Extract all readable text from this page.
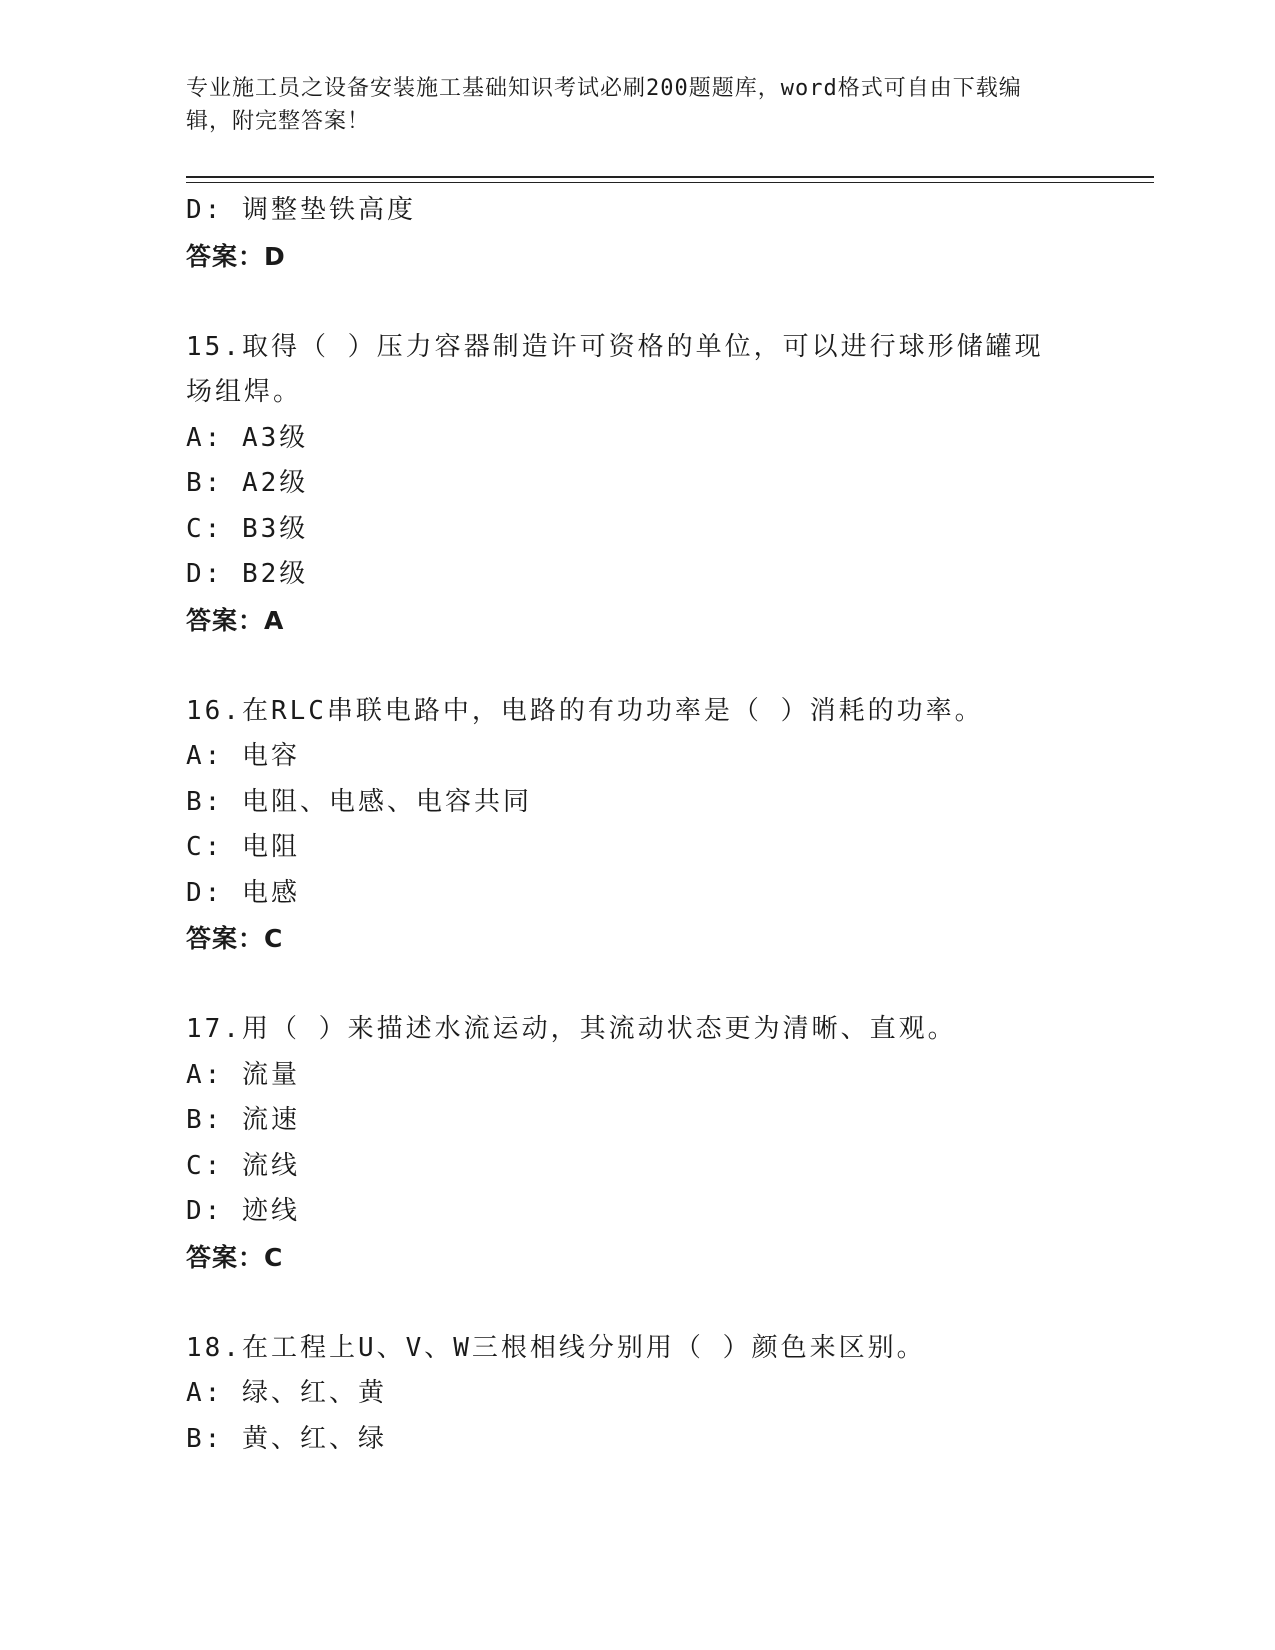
专业施工员之设备安装施工基础知识考试必刷200题题库，word格式可自由下载编辑，附完整答案！
D: 调整垫铁高度
答案：D
15.取得（ ）压力容器制造许可资格的单位，可以进行球形储罐现场组焊。
A: A3级
B: A2级
C: B3级
D: B2级
答案：A
16.在RLC串联电路中，电路的有功功率是（ ）消耗的功率。
A: 电容
B: 电阻、电感、电容共同
C: 电阻
D: 电感
答案：C
17.用（ ）来描述水流运动，其流动状态更为清晰、直观。
A: 流量
B: 流速
C: 流线
D: 迹线
答案：C
18.在工程上U、V、W三根相线分别用（ ）颜色来区别。
A: 绿、红、黄
B: 黄、红、绿
